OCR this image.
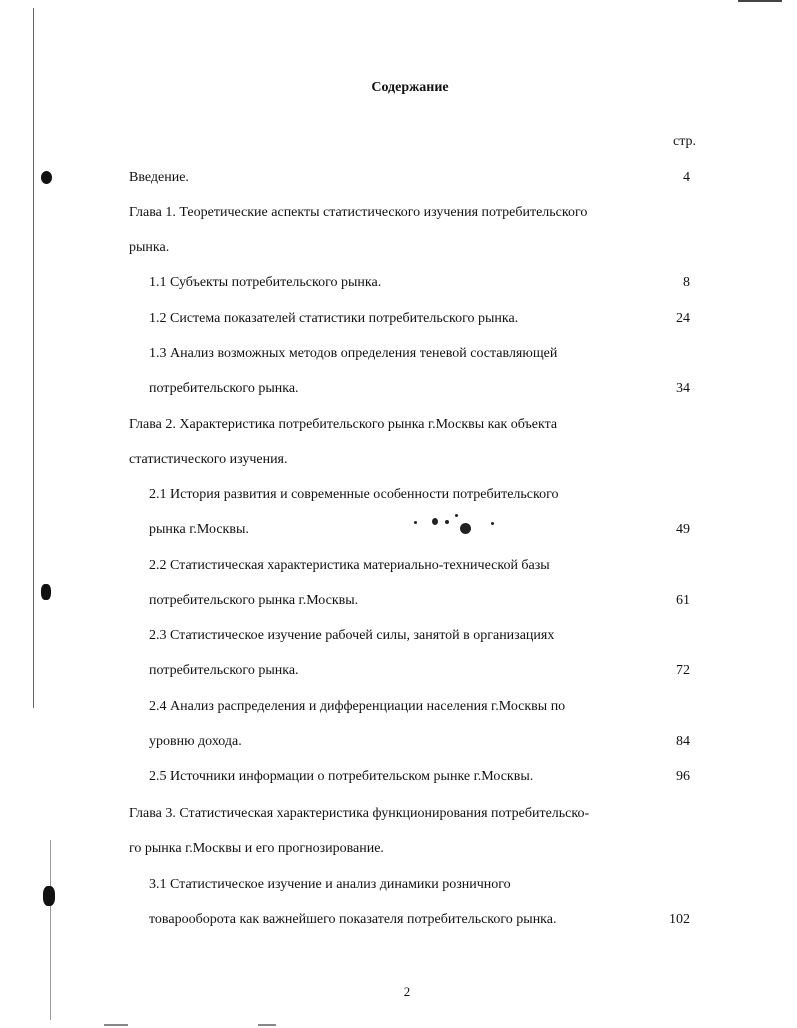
Содержание
стр.
Введение.	4
Глава 1. Теоретические аспекты статистического изучения потребительского
рынка.
1.1 Субъекты потребительского рынка.	8
1.2 Система показателей статистики потребительского рынка.	24
1.3 Анализ возможных методов определения теневой составляющей
потребительского рынка.	34
Глава 2. Характеристика потребительского рынка г.Москвы как объекта
статистического изучения.
2.1 История развития и современные особенности потребительского
рынка г.Москвы.	49
2.2 Статистическая характеристика материально-технической базы
потребительского рынка г.Москвы.	61
2.3 Статистическое изучение рабочей силы, занятой в организациях
потребительского рынка.	72
2.4 Анализ распределения и дифференциации населения г.Москвы по
уровню дохода.	84
2.5 Источники информации о потребительском рынке г.Москвы.	96
Глава 3. Статистическая характеристика функционирования потребительско-
го рынка г.Москвы и его прогнозирование.
3.1 Статистическое изучение и анализ динамики розничного
товарооборота как важнейшего показателя потребительского рынка.	102
2
